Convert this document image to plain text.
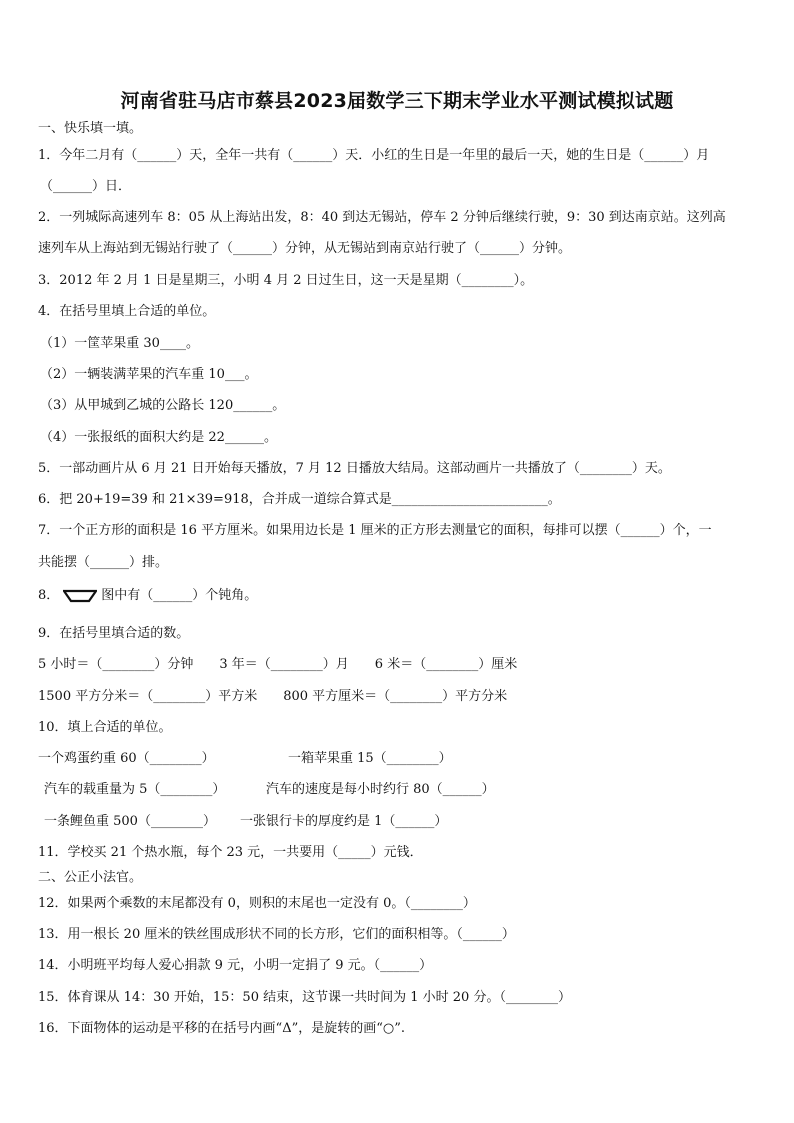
河南省驻马店市蔡县2023届数学三下期末学业水平测试模拟试题
一、快乐填一填。
1．今年二月有（______）天，全年一共有（______）天．小红的生日是一年里的最后一天，她的生日是（______）月
（______）日．
2．一列城际高速列车 8：05 从上海站出发，8：40 到达无锡站，停车 2 分钟后继续行驶，9：30 到达南京站。这列高
速列车从上海站到无锡站行驶了（______）分钟，从无锡站到南京站行驶了（______）分钟。
3．2012 年 2 月 1 日是星期三，小明 4 月 2 日过生日，这一天是星期（________）。
4．在括号里填上合适的单位。
（1）一筐苹果重 30____。
（2）一辆装满苹果的汽车重 10___。
（3）从甲城到乙城的公路长 120______。
（4）一张报纸的面积大约是 22______。
5．一部动画片从 6 月 21 日开始每天播放，7 月 12 日播放大结局。这部动画片一共播放了（________）天。
6．把 20+19=39 和 21×39=918，合并成一道综合算式是________________________。
7．一个正方形的面积是 16 平方厘米。如果用边长是 1 厘米的正方形去测量它的面积，每排可以摆（______）个，一
共能摆（______）排。
8．	图中有（______）个钝角。
9．在括号里填合适的数。
5 小时＝（________）分钟　　3 年＝（________）月　　6 米＝（________）厘米
1500 平方分米＝（________）平方米　　800 平方厘米＝（________）平方分米
10．填上合适的单位。
一个鸡蛋约重 60（________）	一箱苹果重 15（________）
汽车的载重量为 5（________）	汽车的速度是每小时约行 80（______）
一条鲤鱼重 500（________） 一张银行卡的厚度约是 1（______）
11．学校买 21 个热水瓶，每个 23 元，一共要用（_____）元钱．
二、公正小法官。
12．如果两个乘数的末尾都没有 0，则积的末尾也一定没有 0。（________）
13．用一根长 20 厘米的铁丝围成形状不同的长方形，它们的面积相等。（______）
14．小明班平均每人爱心捐款 9 元，小明一定捐了 9 元。（______）
15．体育课从 14：30 开始，15：50 结束，这节课一共时间为 1 小时 20 分。（________）
16．下面物体的运动是平移的在括号内画“Δ”，是旋转的画“○”.
